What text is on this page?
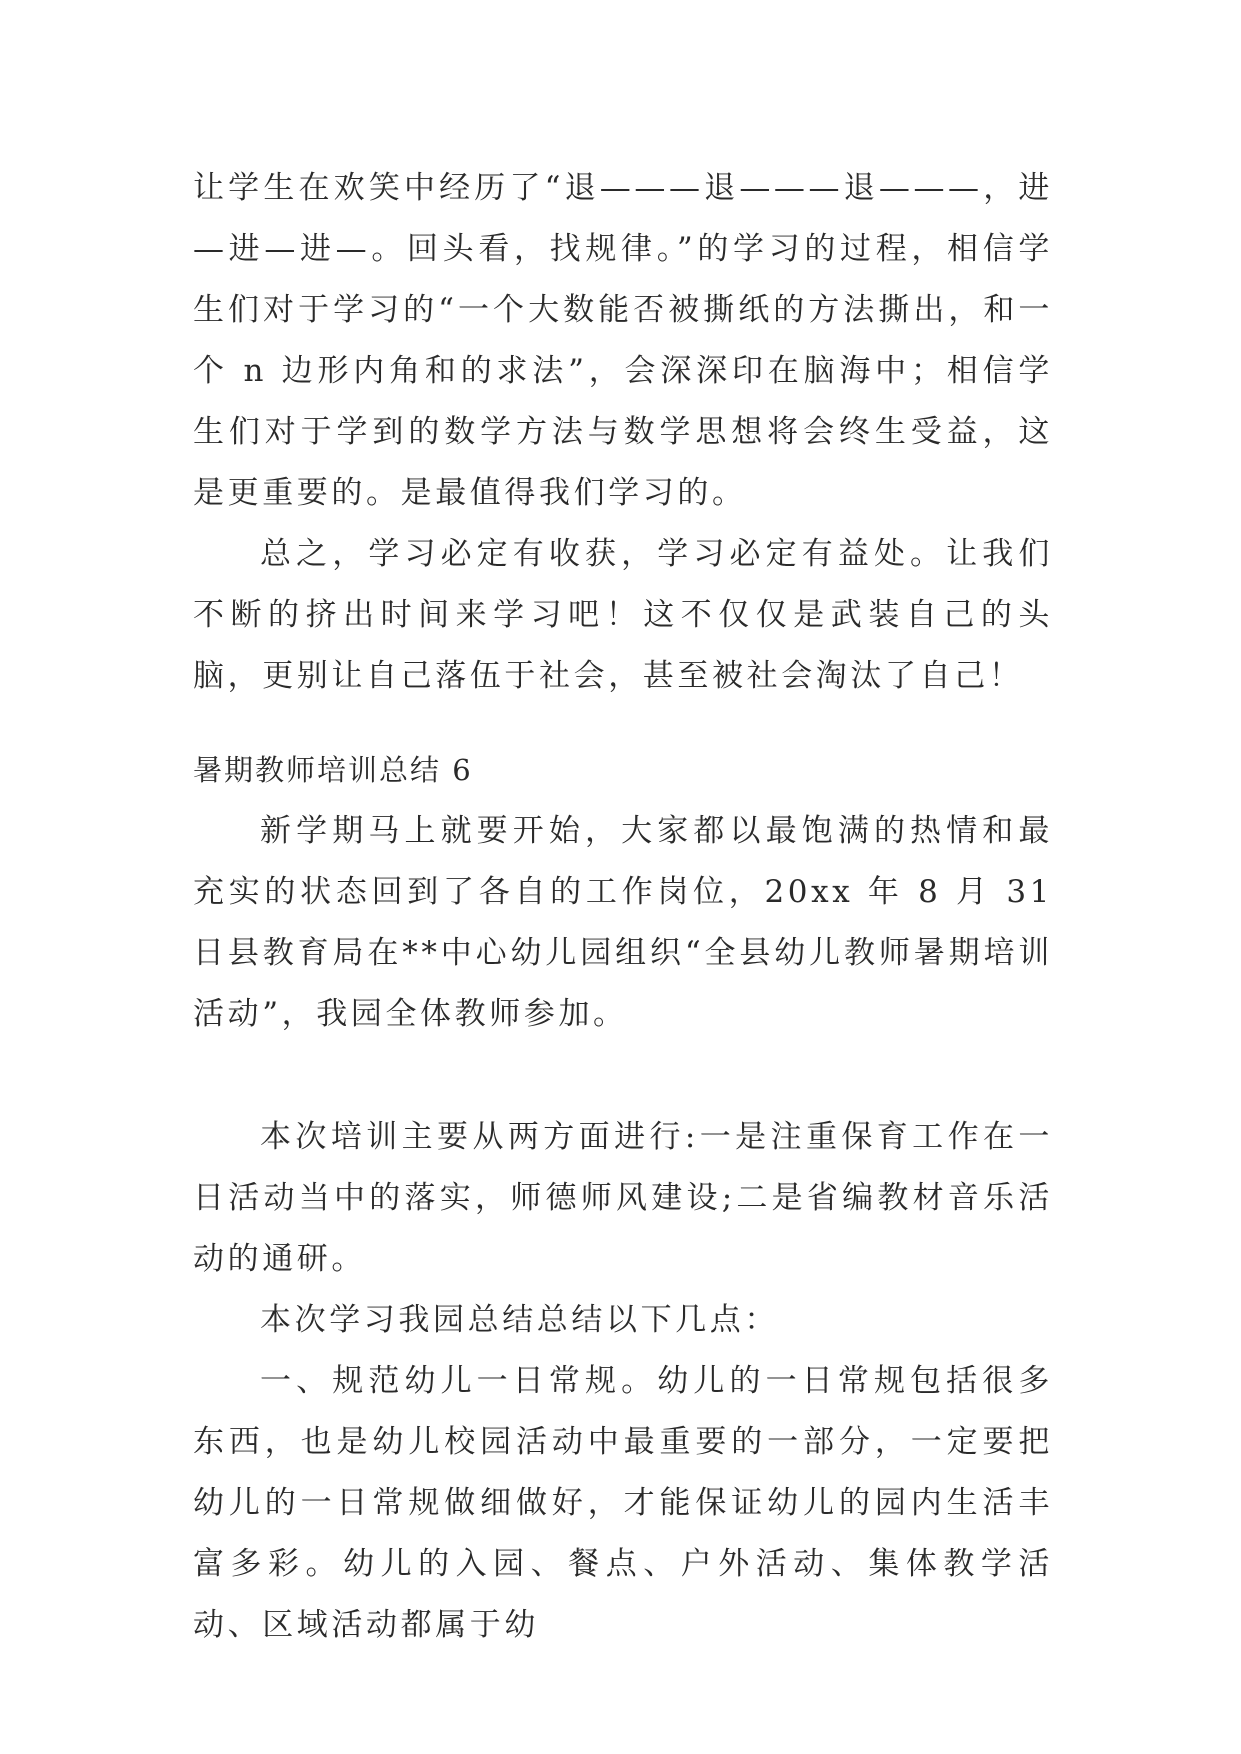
让学生在欢笑中经历了“退———退———退———，进—进—进—。回头看，找规律。”的学习的过程，相信学生们对于学习的“一个大数能否被撕纸的方法撕出，和一个 n 边形内角和的求法”，会深深印在脑海中；相信学生们对于学到的数学方法与数学思想将会终生受益，这是更重要的。是最值得我们学习的。

总之，学习必定有收获，学习必定有益处。让我们不断的挤出时间来学习吧！这不仅仅是武装自己的头脑，更别让自己落伍于社会，甚至被社会淘汰了自己！

暑期教师培训总结 6

新学期马上就要开始，大家都以最饱满的热情和最充实的状态回到了各自的工作岗位，20xx 年 8 月 31 日县教育局在**中心幼儿园组织“全县幼儿教师暑期培训活动”，我园全体教师参加。

本次培训主要从两方面进行:一是注重保育工作在一日活动当中的落实，师德师风建设;二是省编教材音乐活动的通研。

本次学习我园总结总结以下几点：

一、规范幼儿一日常规。幼儿的一日常规包括很多东西，也是幼儿校园活动中最重要的一部分，一定要把幼儿的一日常规做细做好，才能保证幼儿的园内生活丰富多彩。幼儿的入园、餐点、户外活动、集体教学活动、区域活动都属于幼
